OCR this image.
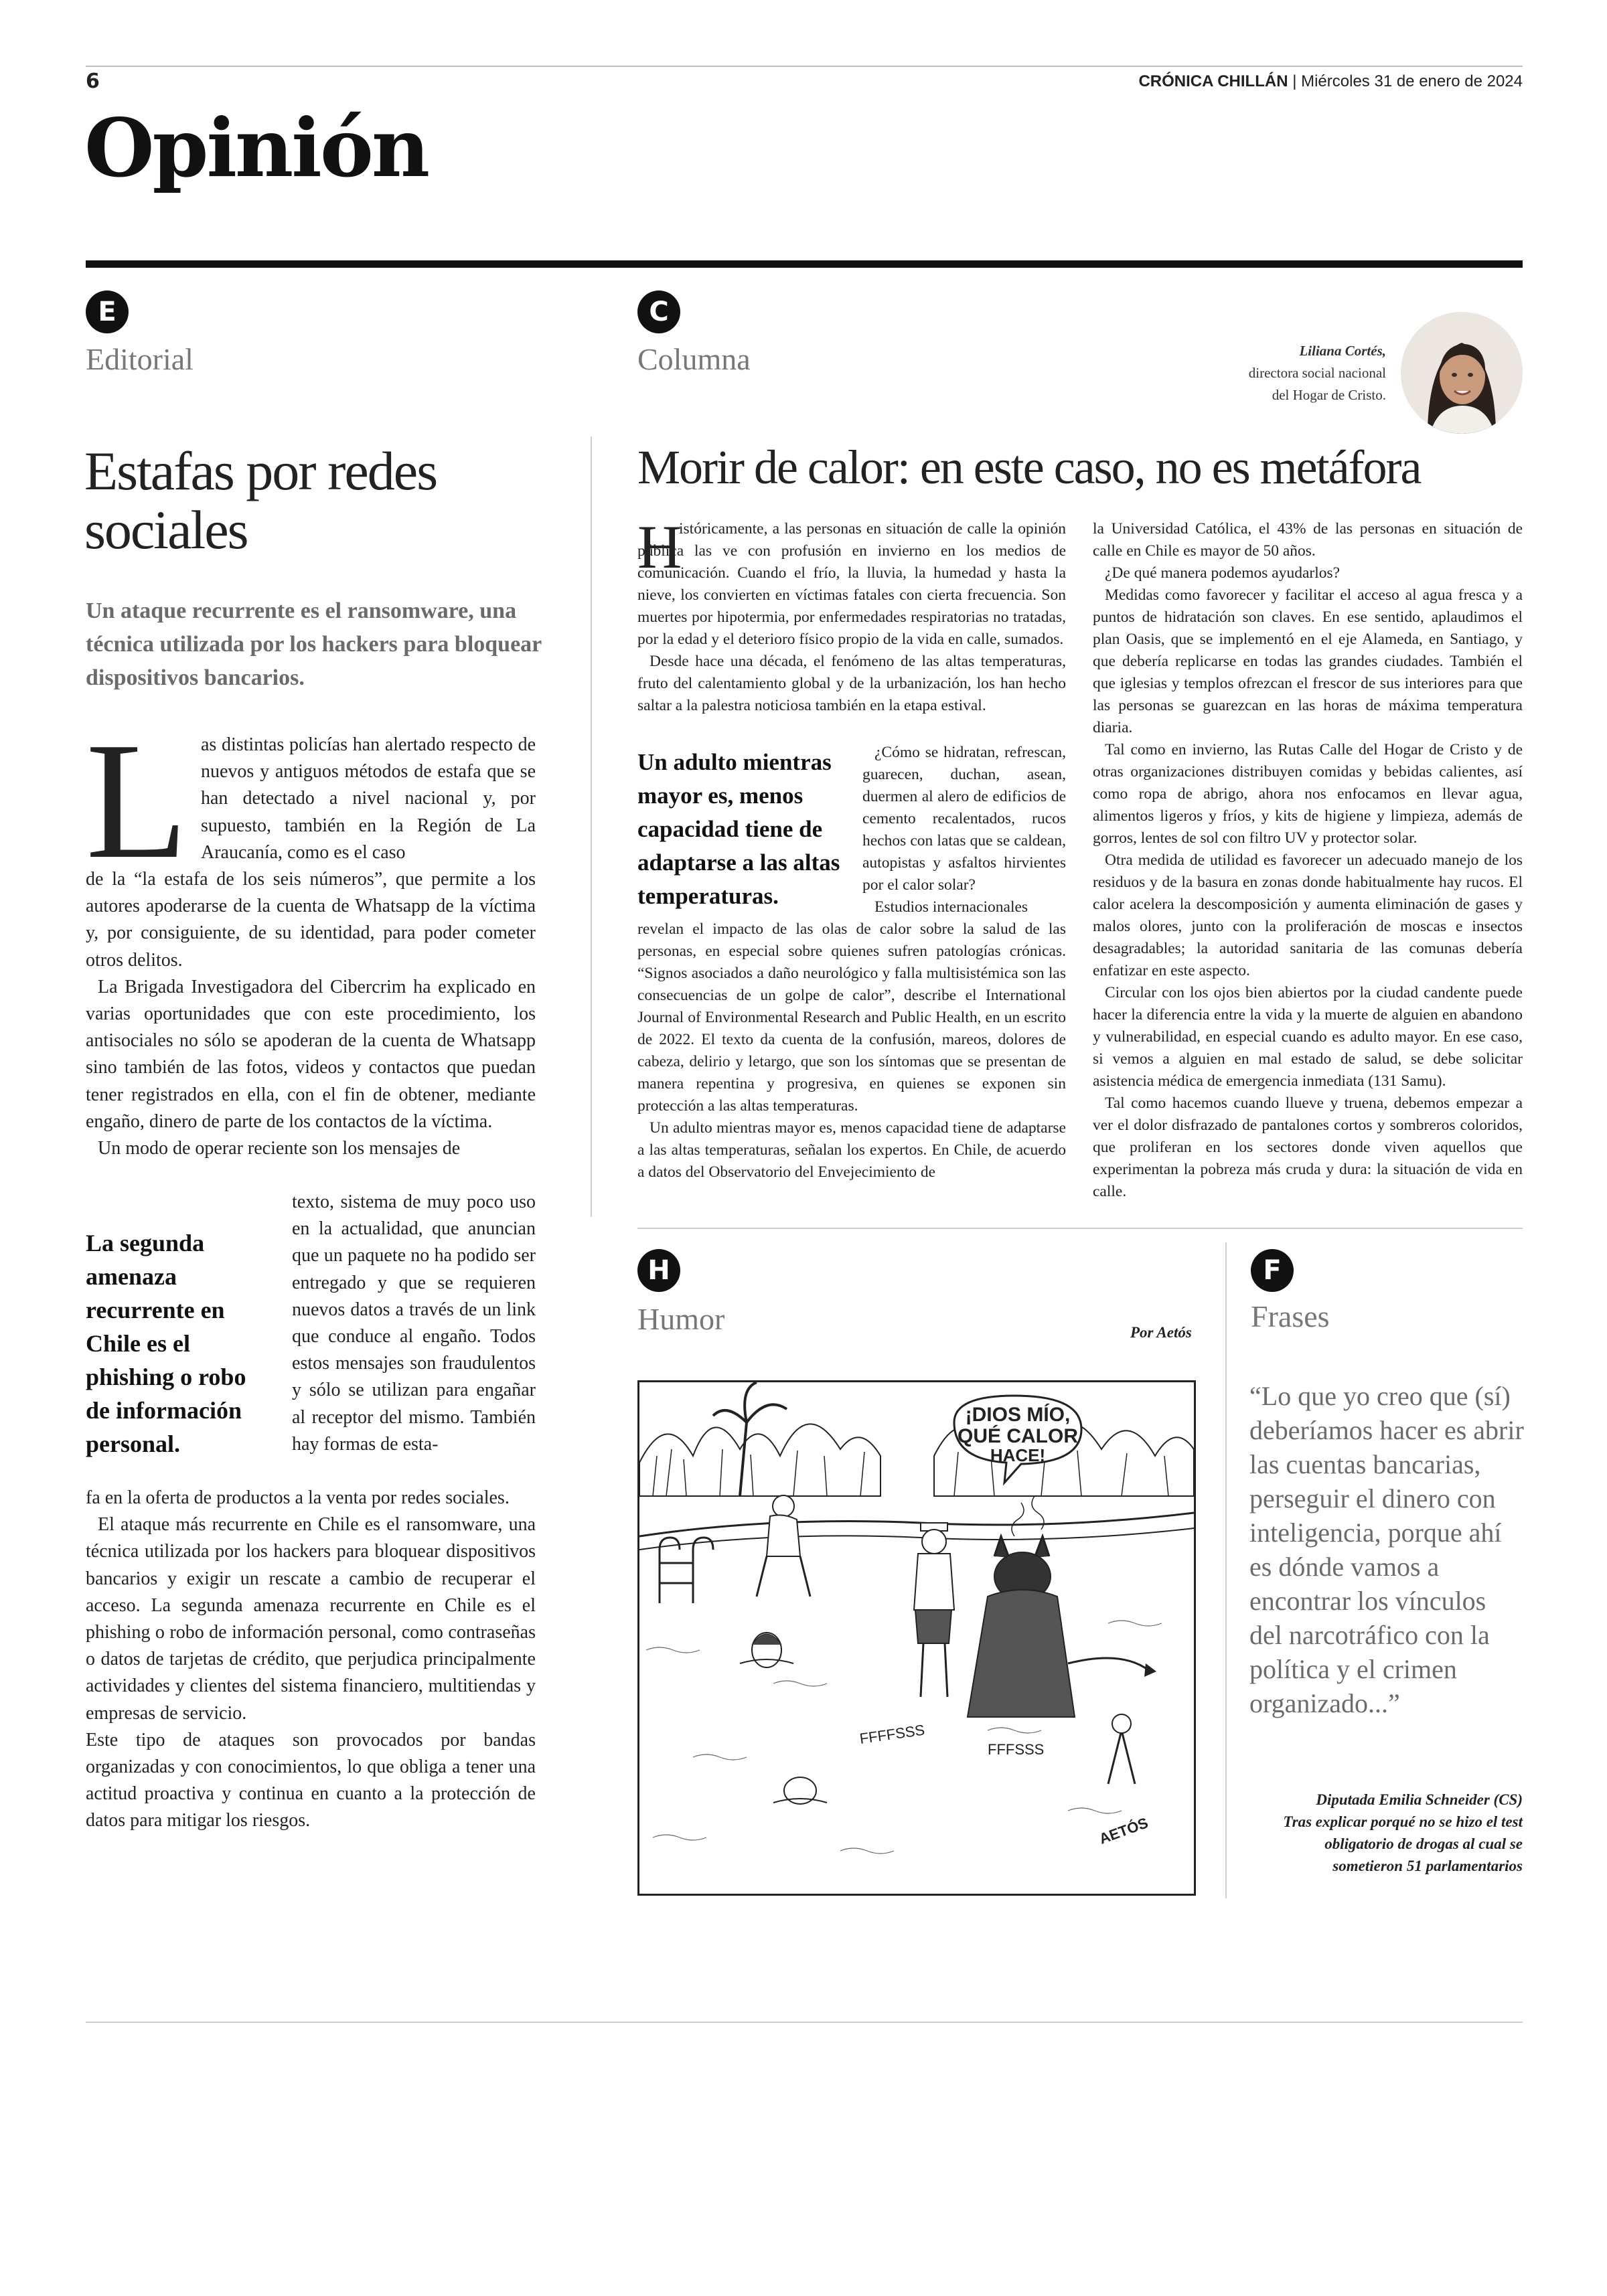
6	CRÓNICA CHILLÁN | Miércoles 31 de enero de 2024
Opinión
E
Editorial
Estafas por redes sociales
Un ataque recurrente es el ransomware, una técnica utilizada por los hackers para bloquear dispositivos bancarios.
L as distintas policías han alertado respecto de nuevos y antiguos métodos de estafa que se han detectado a nivel nacional y, por supuesto, también en la Región de La Araucanía, como es el caso

de la “la estafa de los seis números”, que permite a los autores apoderarse de la cuenta de Whatsapp de la víctima y, por consiguiente, de su identidad, para poder cometer otros delitos.

La Brigada Investigadora del Cibercrim ha explicado en varias oportunidades que con este procedimiento, los antisociales no sólo se apoderan de la cuenta de Whatsapp sino también de las fotos, videos y contactos que puedan tener registrados en ella, con el fin de obtener, mediante engaño, dinero de parte de los contactos de la víctima.

Un modo de operar reciente son los mensajes de

La segunda amenaza recurrente en Chile es el phishing o robo de información personal.

texto, sistema de muy poco uso en la actualidad, que anuncian que un paquete no ha podido ser entregado y que se requieren nuevos datos a través de un link que conduce al engaño. Todos estos mensajes son fraudulentos y sólo se utilizan para engañar al receptor del mismo. También hay formas de esta-

fa en la oferta de productos a la venta por redes sociales.

El ataque más recurrente en Chile es el ransomware, una técnica utilizada por los hackers para bloquear dispositivos bancarios y exigir un rescate a cambio de recuperar el acceso. La segunda amenaza recurrente en Chile es el phishing o robo de información personal, como contraseñas o datos de tarjetas de crédito, que perjudica principalmente actividades y clientes del sistema financiero, multitiendas y empresas de servicio.

Este tipo de ataques son provocados por bandas organizadas y con conocimientos, lo que obliga a tener una actitud proactiva y continua en cuanto a la protección de datos para mitigar los riesgos.

C
Columna	Liliana Cortés,
directora social nacional
del Hogar de Cristo.
Morir de calor: en este caso, no es metáfora
H

istóricamente, a las personas en situación de calle la opinión pública las ve con profusión en invierno en los medios de comunicación. Cuando el frío, la lluvia, la humedad y hasta la nieve, los convierten en víctimas fatales con cierta frecuencia. Son muertes por hipotermia, por enfermedades respiratorias no tratadas, por la edad y el deterioro físico propio de la vida en calle, sumados.

Desde hace una década, el fenómeno de las altas temperaturas, fruto del calentamiento global y de la urbanización, los han hecho saltar a la palestra noticiosa también en la etapa estival.

Un adulto mientras mayor es, menos capacidad tiene de adaptarse a las altas temperaturas.

¿Cómo se hidratan, refrescan, guarecen, duchan, asean, duermen al alero de edificios de cemento recalentados, rucos hechos con latas que se caldean, autopistas y asfaltos hirvientes por el calor solar?

Estudios internacionales

revelan el impacto de las olas de calor sobre la salud de las personas, en especial sobre quienes sufren patologías crónicas. “Signos asociados a daño neurológico y falla multisistémica son las consecuencias de un golpe de calor”, describe el International Journal of Environmental Research and Public Health, en un escrito de 2022. El texto da cuenta de la confusión, mareos, dolores de cabeza, delirio y letargo, que son los síntomas que se presentan de manera repentina y progresiva, en quienes se exponen sin protección a las altas temperaturas.

Un adulto mientras mayor es, menos capacidad tiene de adaptarse a las altas temperaturas, señalan los expertos. En Chile, de acuerdo a datos del Observatorio del Envejecimiento de

la Universidad Católica, el 43% de las personas en situación de calle en Chile es mayor de 50 años.

¿De qué manera podemos ayudarlos?

Medidas como favorecer y facilitar el acceso al agua fresca y a puntos de hidratación son claves. En ese sentido, aplaudimos el plan Oasis, que se implementó en el eje Alameda, en Santiago, y que debería replicarse en todas las grandes ciudades. También el que iglesias y templos ofrezcan el frescor de sus interiores para que las personas se guarezcan en las horas de máxima temperatura diaria.

Tal como en invierno, las Rutas Calle del Hogar de Cristo y de otras organizaciones distribuyen comidas y bebidas calientes, así como ropa de abrigo, ahora nos enfocamos en llevar agua, alimentos ligeros y fríos, y kits de higiene y limpieza, además de gorros, lentes de sol con filtro UV y protector solar.

Otra medida de utilidad es favorecer un adecuado manejo de los residuos y de la basura en zonas donde habitualmente hay rucos. El calor acelera la descomposición y aumenta eliminación de gases y malos olores, junto con la proliferación de moscas e insectos desagradables; la autoridad sanitaria de las comunas debería enfatizar en este aspecto.

Circular con los ojos bien abiertos por la ciudad candente puede hacer la diferencia entre la vida y la muerte de alguien en abandono y vulnerabilidad, en especial cuando es adulto mayor. En ese caso, si vemos a alguien en mal estado de salud, se debe solicitar asistencia médica de emergencia inmediata (131 Samu).

Tal como hacemos cuando llueve y truena, debemos empezar a ver el dolor disfrazado de pantalones cortos y sombreros coloridos, que proliferan en los sectores donde viven aquellos que experimentan la pobreza más cruda y dura: la situación de vida en calle.

H
Humor	Por Aetós
¡DIOS MÍO,
QUÉ CALOR
HACE!
FFFFSSS
FFFSSS
AETÓS
F
Frases
“Lo que yo creo que (sí) deberíamos hacer es abrir las cuentas bancarias, perseguir el dinero con inteligencia, porque ahí es dónde vamos a encontrar los vínculos del narcotráfico con la política y el crimen organizado...”
Diputada Emilia Schneider (CS)
Tras explicar porqué no se hizo el test obligatorio de drogas al cual se sometieron 51 parlamentarios
